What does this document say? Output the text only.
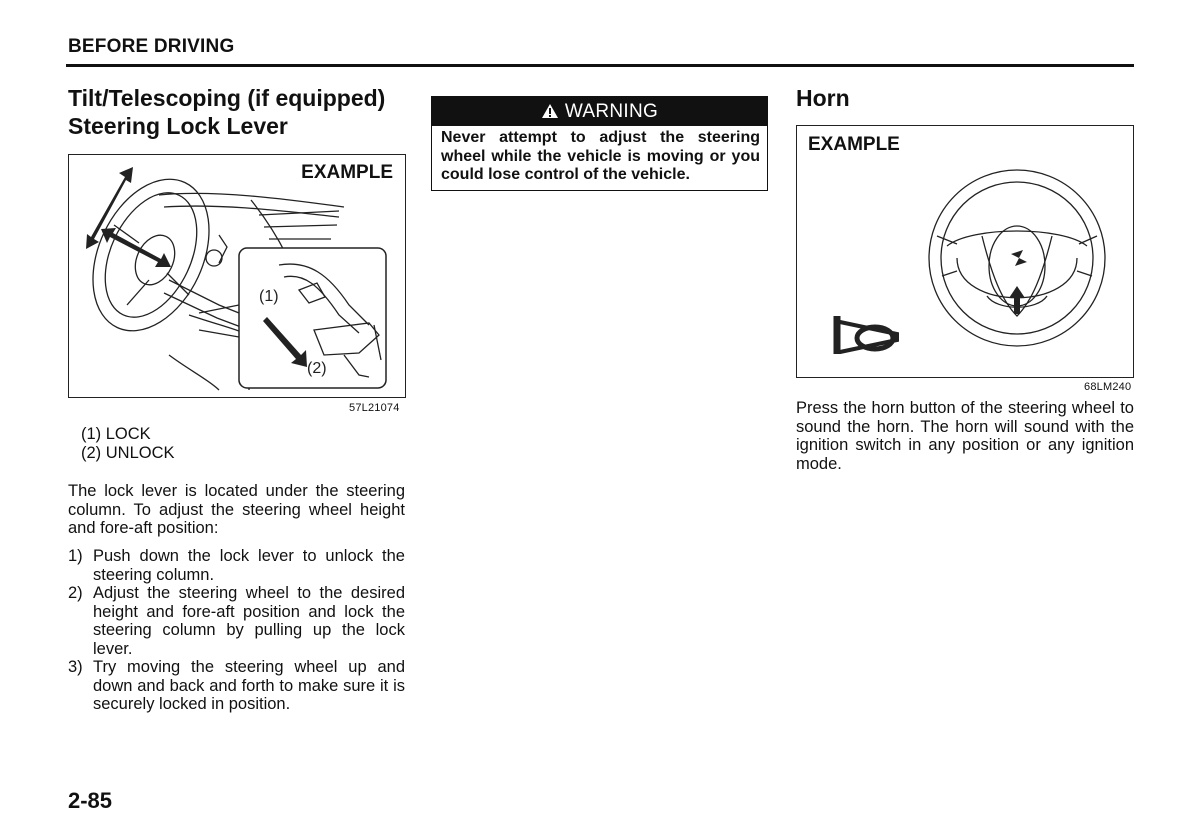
BEFORE DRIVING
Tilt/Telescoping (if equipped)
Steering Lock Lever
EXAMPLE
(1)
(2)
57L21074
(1) LOCK
(2) UNLOCK
The lock lever is located under the steering column. To adjust the steering wheel height and fore-aft position:
1) Push down the lock lever to unlock the steering column.
2) Adjust the steering wheel to the desired height and fore-aft position and lock the steering column by pulling up the lock lever.
3) Try moving the steering wheel up and down and back and forth to make sure it is securely locked in position.
WARNING
Never attempt to adjust the steering wheel while the vehicle is moving or you could lose control of the vehicle.
Horn
EXAMPLE
68LM240
Press the horn button of the steering wheel to sound the horn. The horn will sound with the ignition switch in any position or any ignition mode.
2-85
